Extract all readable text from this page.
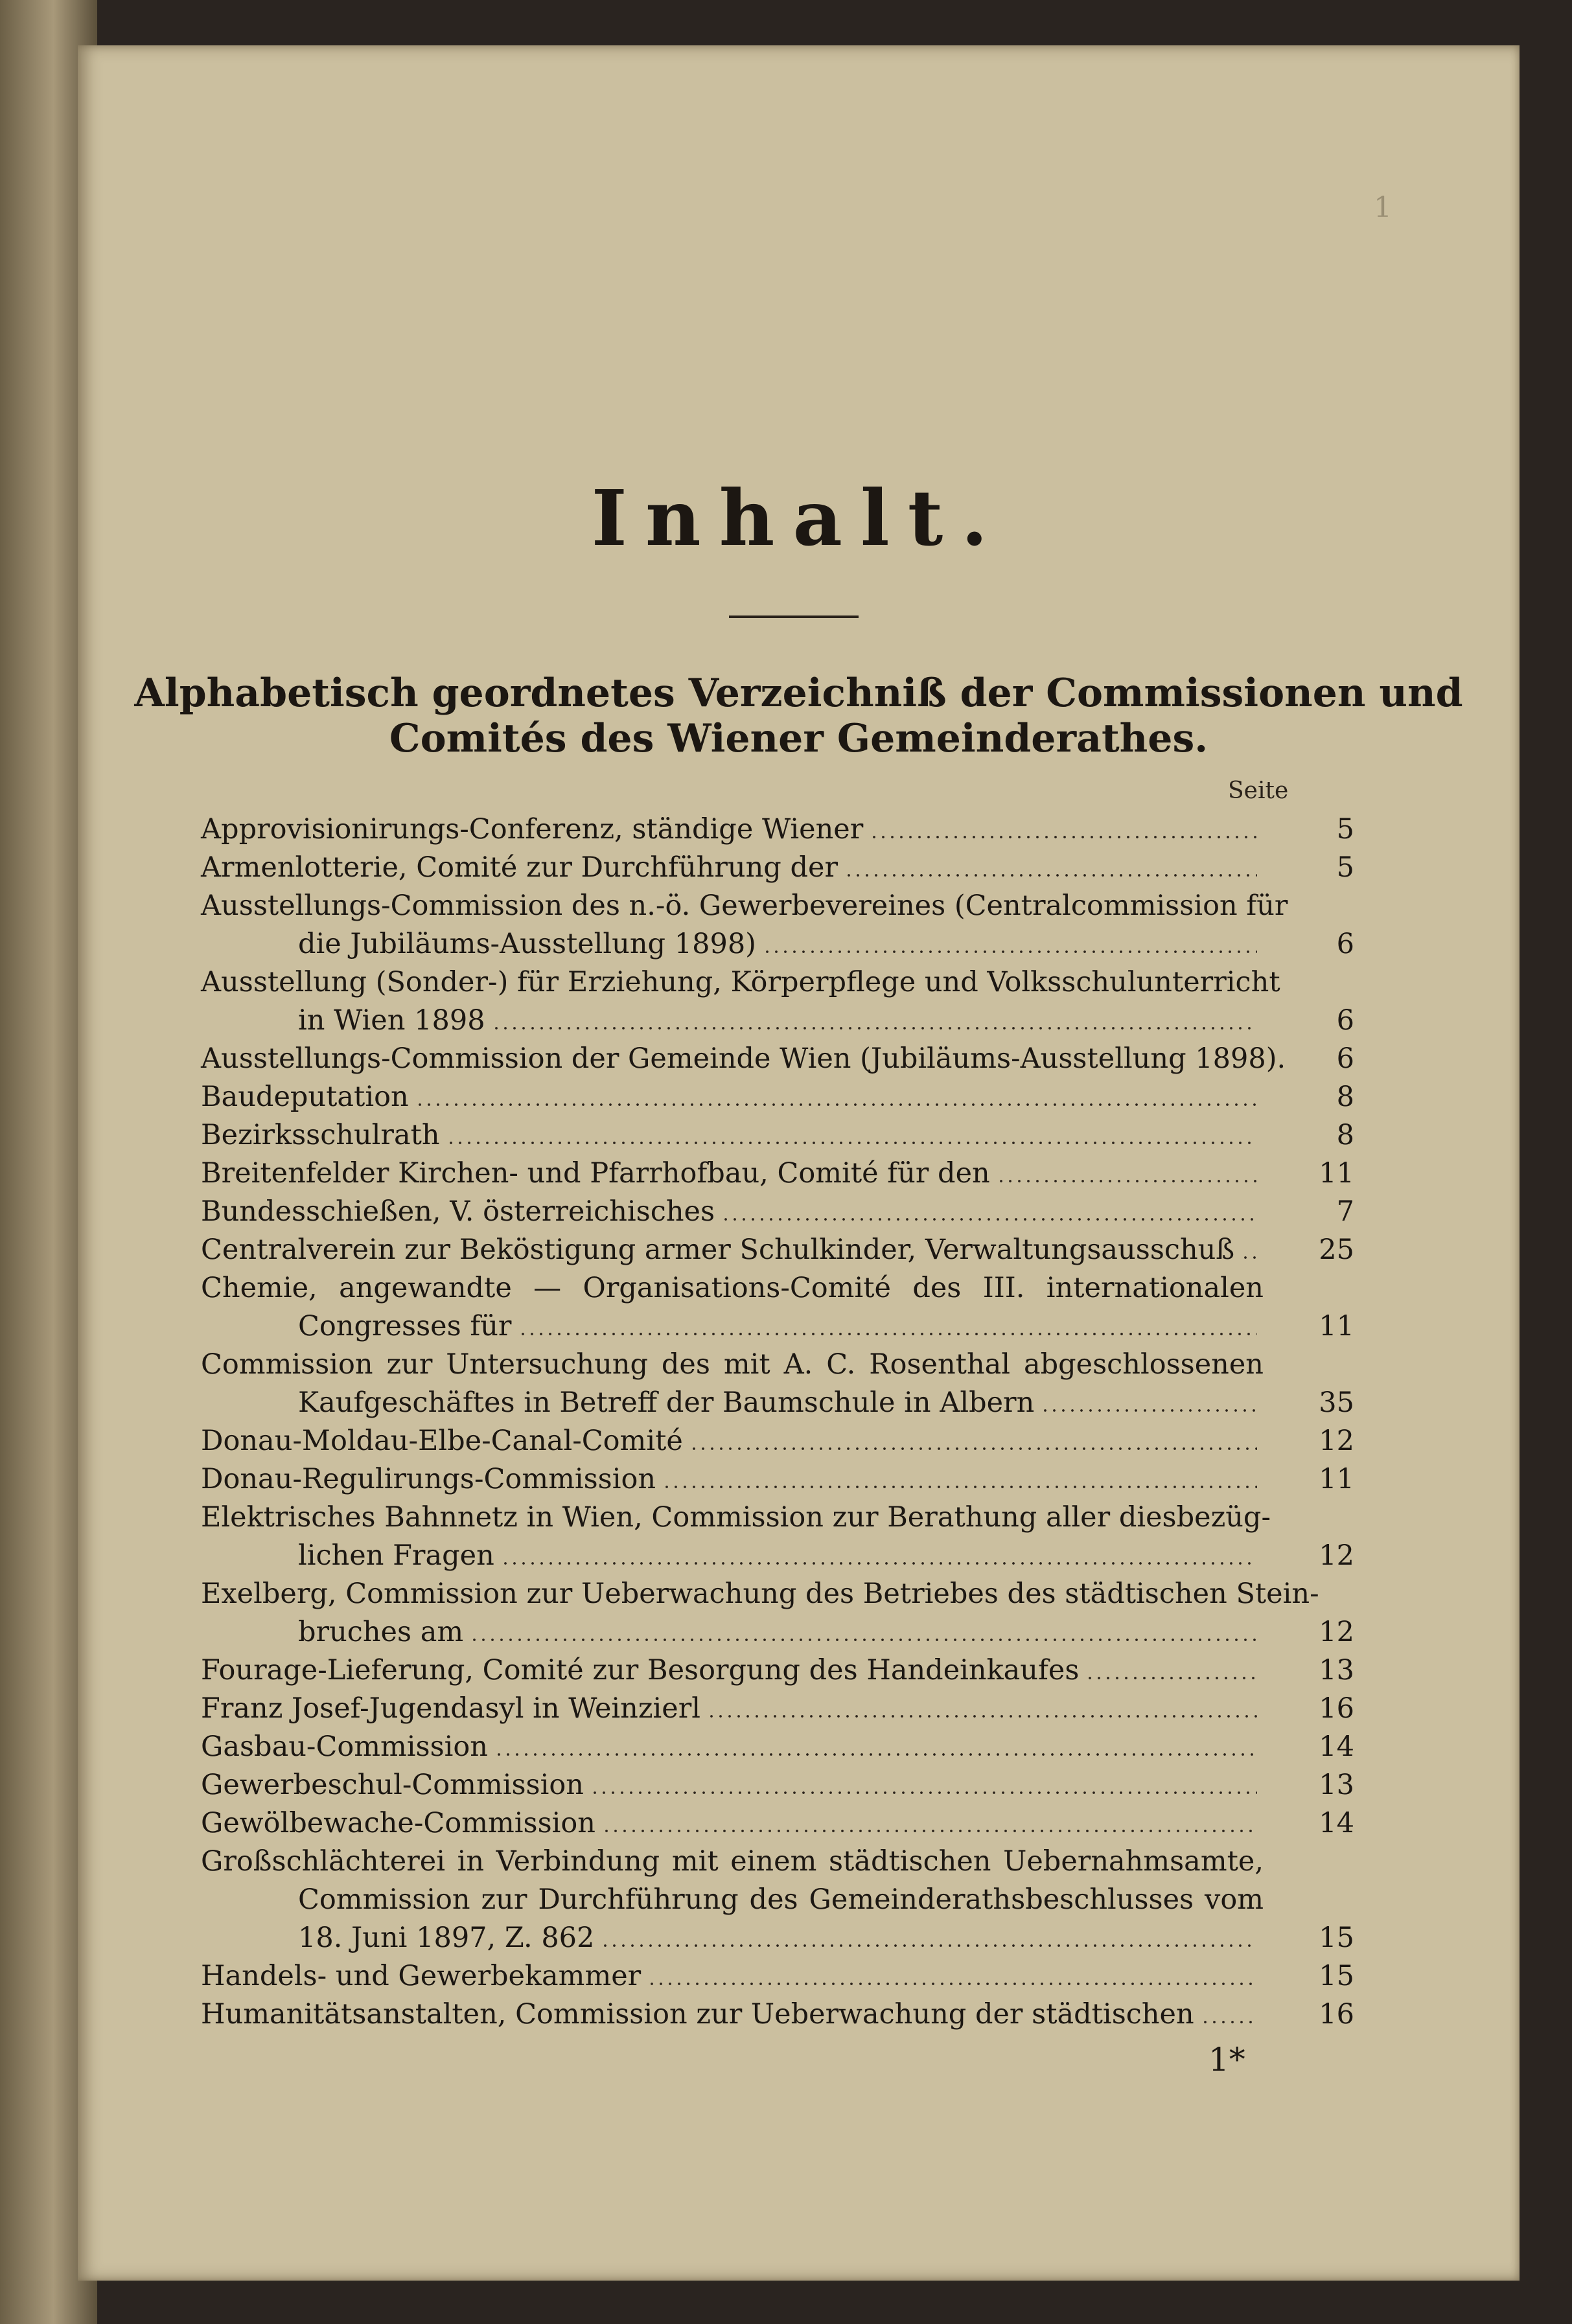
1
Inhalt.
Alphabetisch geordnetes Verzeichniß der Commissionen und
Comités des Wiener Gemeinderathes.
Seite
Approvisionirungs-Conferenz, ständige Wiener	5
Armenlotterie, Comité zur Durchführung der	5
Ausstellungs-Commission des n.-ö. Gewerbevereines (Centralcommission für
die Jubiläums-Ausstellung 1898)	6
Ausstellung (Sonder-) für Erziehung, Körperpflege und Volksschulunterricht
in Wien 1898	6
Ausstellungs-Commission der Gemeinde Wien (Jubiläums-Ausstellung 1898).	6
Baudeputation	8
Bezirksschulrath	8
Breitenfelder Kirchen- und Pfarrhofbau, Comité für den	11
Bundesschießen, V. österreichisches	7
Centralverein zur Beköstigung armer Schulkinder, Verwaltungsausschuß	25
Chemie, angewandte — Organisations-Comité des III. internationalen
Congresses für	11
Commission zur Untersuchung des mit A. C. Rosenthal abgeschlossenen
Kaufgeschäftes in Betreff der Baumschule in Albern	35
Donau-Moldau-Elbe-Canal-Comité	12
Donau-Regulirungs-Commission	11
Elektrisches Bahnnetz in Wien, Commission zur Berathung aller diesbezüg-
lichen Fragen	12
Exelberg, Commission zur Ueberwachung des Betriebes des städtischen Stein-
bruches am	12
Fourage-Lieferung, Comité zur Besorgung des Handeinkaufes	13
Franz Josef-Jugendasyl in Weinzierl	16
Gasbau-Commission	14
Gewerbeschul-Commission	13
Gewölbewache-Commission	14
Großschlächterei in Verbindung mit einem städtischen Uebernahmsamte,
Commission zur Durchführung des Gemeinderathsbeschlusses vom
18. Juni 1897, Z. 862	15
Handels- und Gewerbekammer	15
Humanitätsanstalten, Commission zur Ueberwachung der städtischen	16
1*
